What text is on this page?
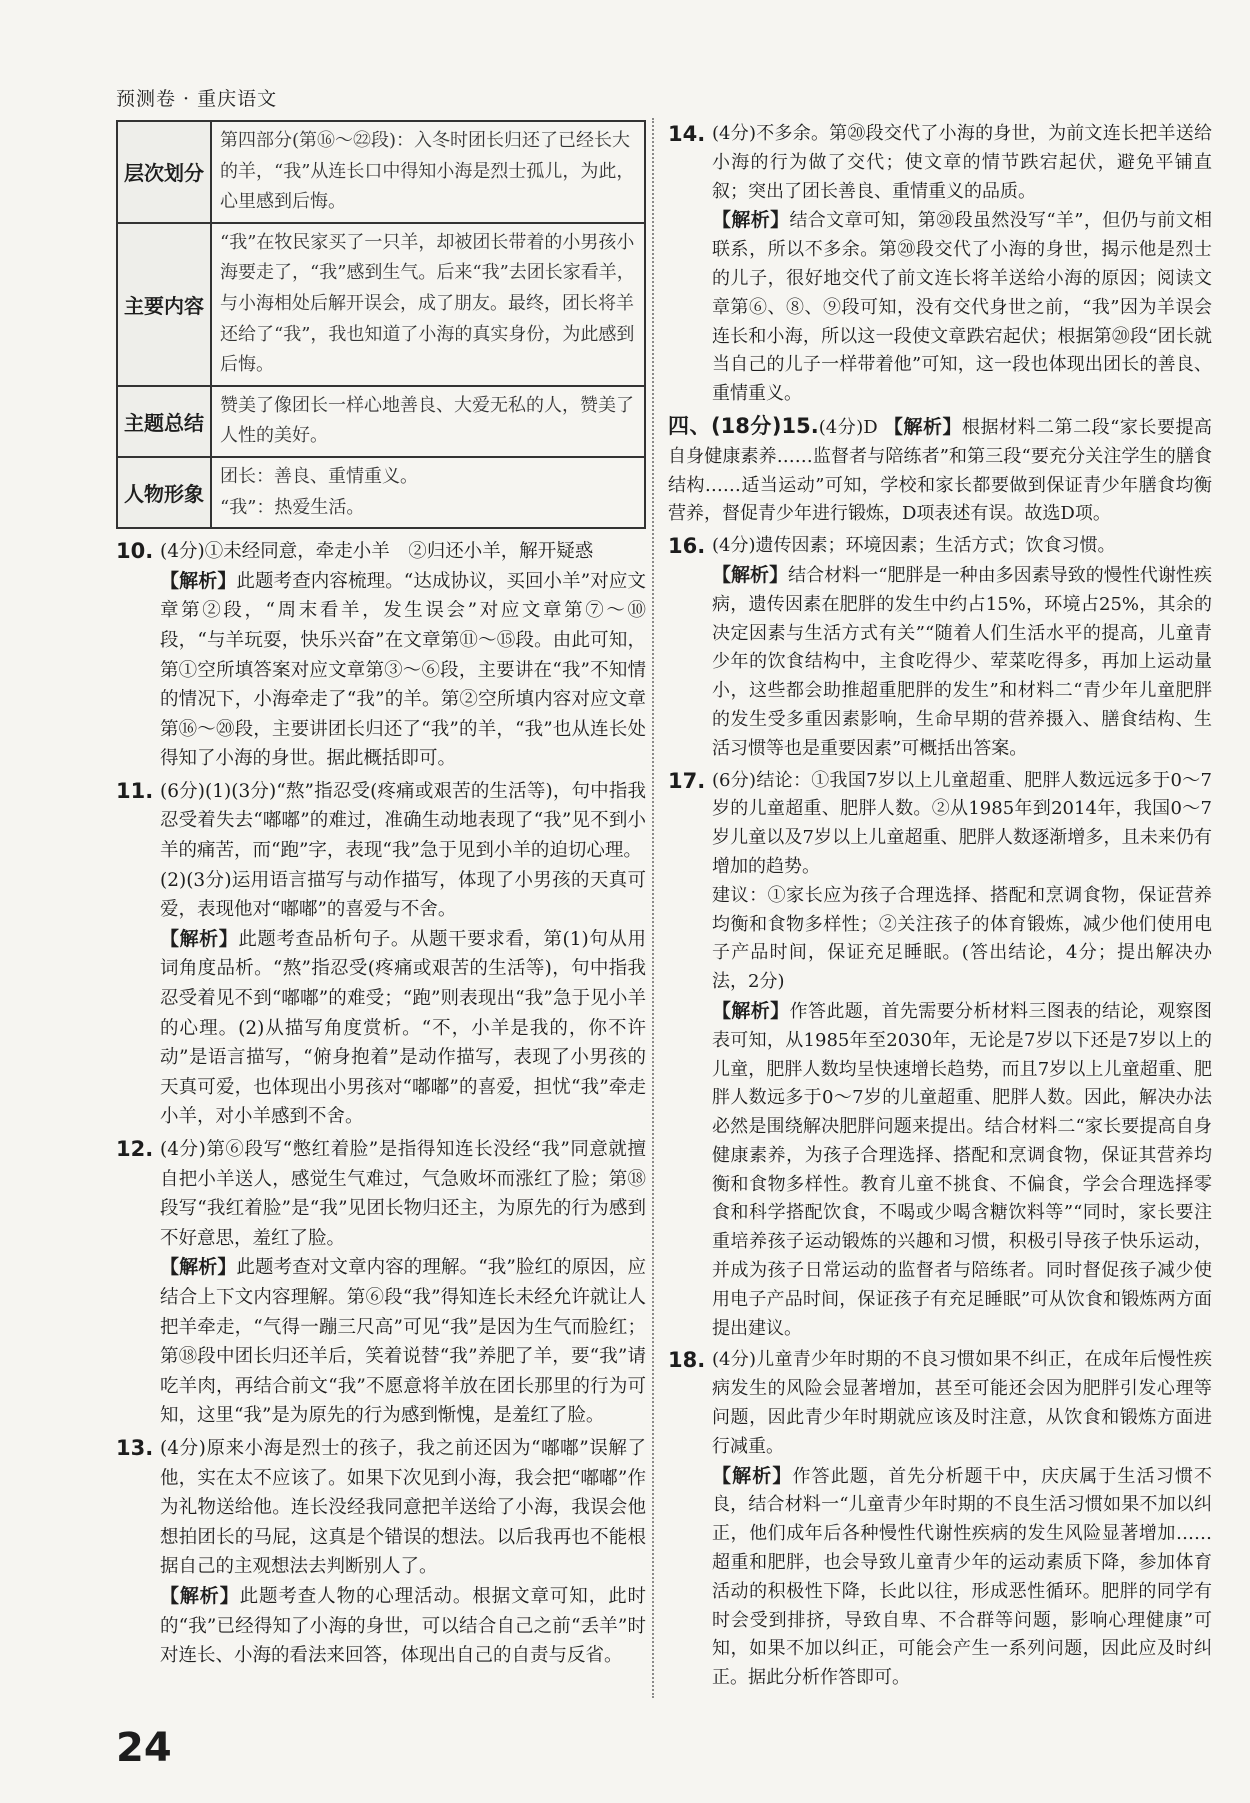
预测卷 · 重庆语文
层次划分	第四部分(第⑯～㉒段)：入冬时团长归还了已经长大的羊，“我”从连长口中得知小海是烈士孤儿，为此，心里感到后悔。
主要内容	“我”在牧民家买了一只羊，却被团长带着的小男孩小海要走了，“我”感到生气。后来“我”去团长家看羊，与小海相处后解开误会，成了朋友。最终，团长将羊还给了“我”，我也知道了小海的真实身份，为此感到后悔。
主题总结	赞美了像团长一样心地善良、大爱无私的人，赞美了人性的美好。
人物形象	团长：善良、重情重义。
“我”：热爱生活。
10. (4分)①未经同意，牵走小羊　②归还小羊，解开疑惑

【 解析 】 此题考查内容梳理。“达成协议，买回小羊”对应文章第②段，“周末看羊，发生误会”对应文章第⑦～⑩段，“与羊玩耍，快乐兴奋”在文章第⑪～⑮段。由此可知，第①空所填答案对应文章第③～⑥段，主要讲在“我”不知情的情况下，小海牵走了“我”的羊。第②空所填内容对应文章第⑯～⑳段，主要讲团长归还了“我”的羊，“我”也从连长处得知了小海的身世。据此概括即可。

11. (6分)(1)(3分)“熬”指忍受(疼痛或艰苦的生活等)，句中指我忍受着失去“嘟嘟”的难过，准确生动地表现了“我”见不到小羊的痛苦，而“跑”字，表现“我”急于见到小羊的迫切心理。

(2)(3分)运用语言描写与动作描写，体现了小男孩的天真可爱，表现他对“嘟嘟”的喜爱与不舍。

【 解析 】 此题考查品析句子。从题干要求看，第(1)句从用词角度品析。“熬”指忍受(疼痛或艰苦的生活等)，句中指我忍受着见不到“嘟嘟”的难受；“跑”则表现出“我”急于见小羊的心理。(2)从描写角度赏析。“不，小羊是我的，你不许动”是语言描写，“俯身抱着”是动作描写，表现了小男孩的天真可爱，也体现出小男孩对“嘟嘟”的喜爱，担忧“我”牵走小羊，对小羊感到不舍。

12. (4分)第⑥段写“憋红着脸”是指得知连长没经“我”同意就擅自把小羊送人，感觉生气难过，气急败坏而涨红了脸；第⑱段写“我红着脸”是“我”见团长物归还主，为原先的行为感到不好意思，羞红了脸。

【 解析 】 此题考查对文章内容的理解。“我”脸红的原因，应结合上下文内容理解。第⑥段“我”得知连长未经允许就让人把羊牵走，“气得一蹦三尺高”可见“我”是因为生气而脸红；第⑱段中团长归还羊后，笑着说替“我”养肥了羊，要“我”请吃羊肉，再结合前文“我”不愿意将羊放在团长那里的行为可知，这里“我”是为原先的行为感到惭愧，是羞红了脸。

13. (4分)原来小海是烈士的孩子，我之前还因为“嘟嘟”误解了他，实在太不应该了。如果下次见到小海，我会把“嘟嘟”作为礼物送给他。连长没经我同意把羊送给了小海，我误会他想拍团长的马屁，这真是个错误的想法。以后我再也不能根据自己的主观想法去判断别人了。

【 解析 】 此题考查人物的心理活动。根据文章可知，此时的“我”已经得知了小海的身世，可以结合自己之前“丢羊”时对连长、小海的看法来回答，体现出自己的自责与反省。

14. (4分)不多余。第⑳段交代了小海的身世，为前文连长把羊送给小海的行为做了交代；使文章的情节跌宕起伏，避免平铺直叙；突出了团长善良、重情重义的品质。

【 解析 】 结合文章可知，第⑳段虽然没写“羊”，但仍与前文相联系，所以不多余。第⑳段交代了小海的身世，揭示他是烈士的儿子，很好地交代了前文连长将羊送给小海的原因；阅读文章第⑥、⑧、⑨段可知，没有交代身世之前，“我”因为羊误会连长和小海，所以这一段使文章跌宕起伏；根据第⑳段“团长就当自己的儿子一样带着他”可知，这一段也体现出团长的善良、重情重义。

四、(18分)15.(4分)D 【 解析 】 根据材料二第二段“家长要提高自身健康素养……监督者与陪练者”和第三段“要充分关注学生的膳食结构……适当运动”可知，学校和家长都要做到保证青少年膳食均衡营养，督促青少年进行锻炼，D项表述有误。故选D项。

16. (4分)遗传因素；环境因素；生活方式；饮食习惯。

【 解析 】 结合材料一“肥胖是一种由多因素导致的慢性代谢性疾病，遗传因素在肥胖的发生中约占15%，环境占25%，其余的决定因素与生活方式有关”“随着人们生活水平的提高，儿童青少年的饮食结构中，主食吃得少、荤菜吃得多，再加上运动量小，这些都会助推超重肥胖的发生”和材料二“青少年儿童肥胖的发生受多重因素影响，生命早期的营养摄入、膳食结构、生活习惯等也是重要因素”可概括出答案。

17. (6分)结论：①我国7岁以上儿童超重、肥胖人数远远多于0～7岁的儿童超重、肥胖人数。②从1985年到2014年，我国0～7岁儿童以及7岁以上儿童超重、肥胖人数逐渐增多，且未来仍有增加的趋势。

建议：①家长应为孩子合理选择、搭配和烹调食物，保证营养均衡和食物多样性；②关注孩子的体育锻炼，减少他们使用电子产品时间，保证充足睡眠。(答出结论，4分；提出解决办法，2分)

【 解析 】 作答此题，首先需要分析材料三图表的结论，观察图表可知，从1985年至2030年，无论是7岁以下还是7岁以上的儿童，肥胖人数均呈快速增长趋势，而且7岁以上儿童超重、肥胖人数远多于0～7岁的儿童超重、肥胖人数。因此，解决办法必然是围绕解决肥胖问题来提出。结合材料二“家长要提高自身健康素养，为孩子合理选择、搭配和烹调食物，保证其营养均衡和食物多样性。教育儿童不挑食、不偏食，学会合理选择零食和科学搭配饮食，不喝或少喝含糖饮料等”“同时，家长要注重培养孩子运动锻炼的兴趣和习惯，积极引导孩子快乐运动，并成为孩子日常运动的监督者与陪练者。同时督促孩子减少使用电子产品时间，保证孩子有充足睡眠”可从饮食和锻炼两方面提出建议。

18. (4分)儿童青少年时期的不良习惯如果不纠正，在成年后慢性疾病发生的风险会显著增加，甚至可能还会因为肥胖引发心理等问题，因此青少年时期就应该及时注意，从饮食和锻炼方面进行减重。

【 解析 】 作答此题，首先分析题干中，庆庆属于生活习惯不良，结合材料一“儿童青少年时期的不良生活习惯如果不加以纠正，他们成年后各种慢性代谢性疾病的发生风险显著增加……超重和肥胖，也会导致儿童青少年的运动素质下降，参加体育活动的积极性下降，长此以往，形成恶性循环。肥胖的同学有时会受到排挤，导致自卑、不合群等问题，影响心理健康”可知，如果不加以纠正，可能会产生一系列问题，因此应及时纠正。据此分析作答即可。

24
